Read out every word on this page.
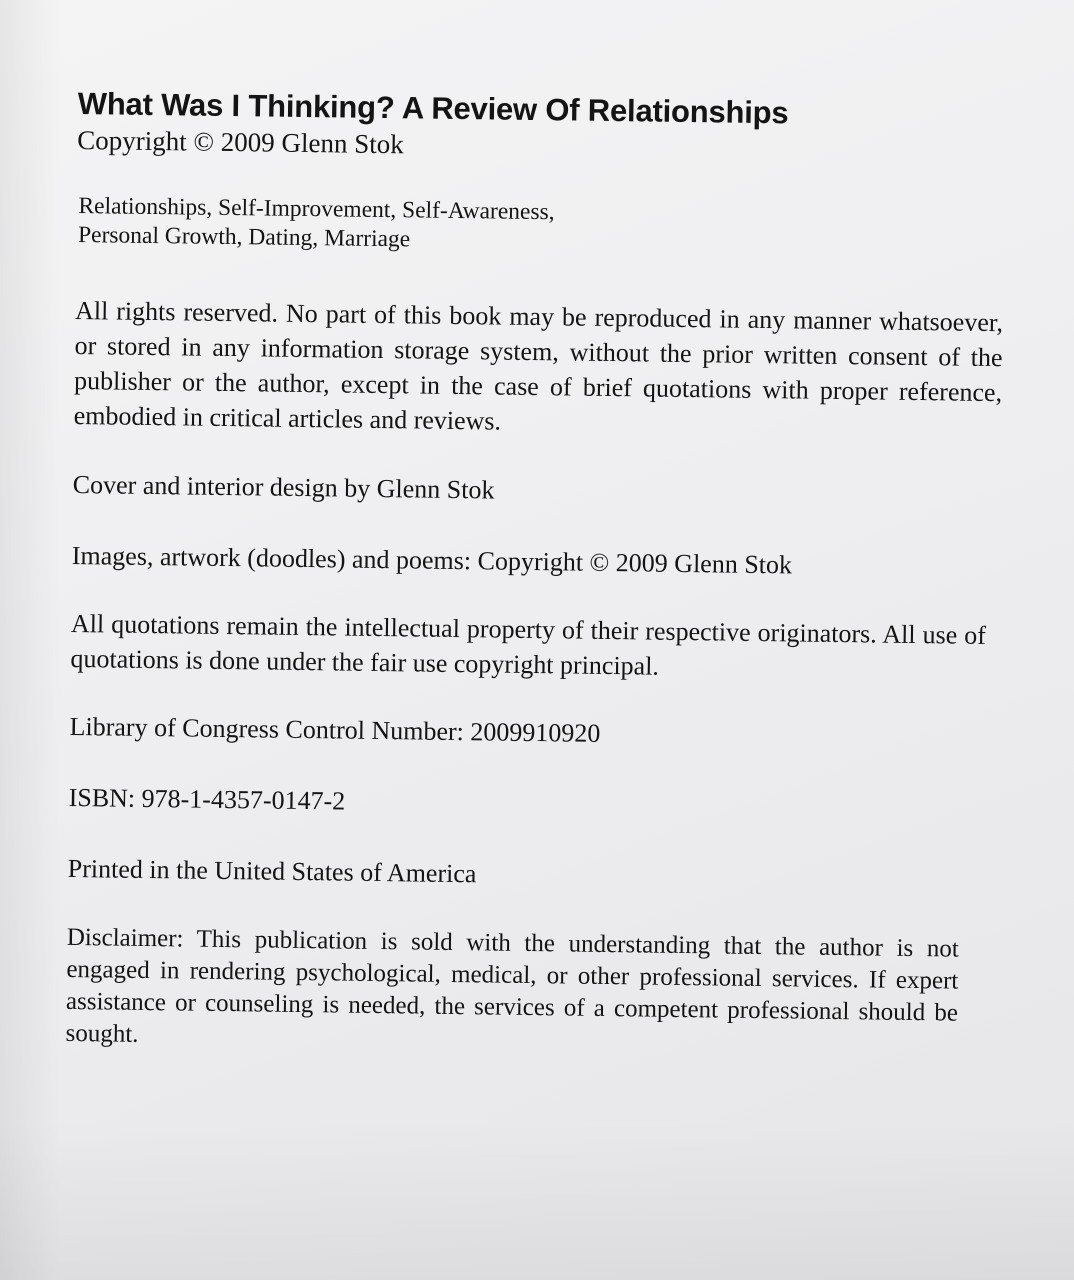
What Was I Thinking? A Review Of Relationships

Copyright © 2009 Glenn Stok

Relationships, Self-Improvement, Self-Awareness,
Personal Growth, Dating, Marriage

All rights reserved. No part of this book may be reproduced in any manner whatsoever, or stored in any information storage system, without the prior written consent of the publisher or the author, except in the case of brief quotations with proper reference, embodied in critical articles and reviews.

Cover and interior design by Glenn Stok

Images, artwork (doodles) and poems: Copyright © 2009 Glenn Stok

All quotations remain the intellectual property of their respective originators. All use of quotations is done under the fair use copyright principal.

Library of Congress Control Number: 2009910920

ISBN: 978-1-4357-0147-2

Printed in the United States of America

Disclaimer: This publication is sold with the understanding that the author is not engaged in rendering psychological, medical, or other professional services. If expert assistance or counseling is needed, the services of a competent professional should be sought.
